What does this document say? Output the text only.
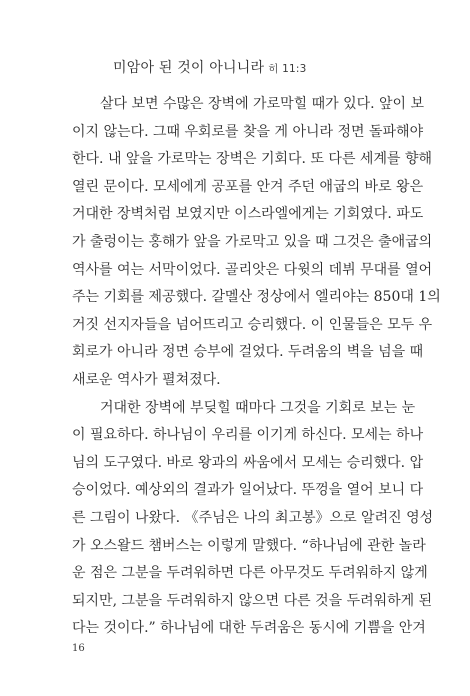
미암아 된 것이 아니니라 히 11:3
살다 보면 수많은 장벽에 가로막힐 때가 있다. 앞이 보
이지 않는다. 그때 우회로를 찾을 게 아니라 정면 돌파해야
한다. 내 앞을 가로막는 장벽은 기회다. 또 다른 세계를 향해
열린 문이다. 모세에게 공포를 안겨 주던 애굽의 바로 왕은
거대한 장벽처럼 보였지만 이스라엘에게는 기회였다. 파도
가 출렁이는 홍해가 앞을 가로막고 있을 때 그것은 출애굽의
역사를 여는 서막이었다. 골리앗은 다윗의 데뷔 무대를 열어
주는 기회를 제공했다. 갈멜산 정상에서 엘리야는 850대 1의
거짓 선지자들을 넘어뜨리고 승리했다. 이 인물들은 모두 우
회로가 아니라 정면 승부에 걸었다. 두려움의 벽을 넘을 때
새로운 역사가 펼쳐졌다.
거대한 장벽에 부딪힐 때마다 그것을 기회로 보는 눈
이 필요하다. 하나님이 우리를 이기게 하신다. 모세는 하나
님의 도구였다. 바로 왕과의 싸움에서 모세는 승리했다. 압
승이었다. 예상외의 결과가 일어났다. 뚜껑을 열어 보니 다
른 그림이 나왔다. 《주님은 나의 최고봉》으로 알려진 영성
가 오스왈드 챔버스는 이렇게 말했다. “하나님에 관한 놀라
운 점은 그분을 두려워하면 다른 아무것도 두려워하지 않게
되지만, 그분을 두려워하지 않으면 다른 것을 두려워하게 된
다는 것이다.” 하나님에 대한 두려움은 동시에 기쁨을 안겨
16
